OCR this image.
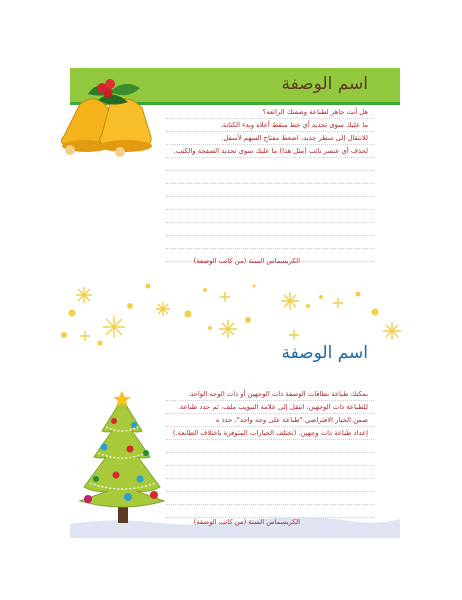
اسم الوصفة
هل أنت جاهز لطباعة وصفتك الرائعة؟
ما عليك سوى تحديد أي خط منقط أعلاه وبدء الكتابة.
للانتقال إلى سطر جديد، اضغط مفتاح السهم لأسفل.
لحذف أي عنصر نائب (مثل هذا) ما عليك سوى تحديد الصفحة والكتب.
الكريسماس السنة (من كاتب الوصفة)
اسم الوصفة
بمكنك طباعة بطاقات الوصفة ذات الوجهين أو ذات الوجه الواحد.
للطباعة ذات الوجهين، انتقل إلى علامة التبويب ملف، ثم حدد طباعة.
ضمن الخيار الافتراضي "طباعة على وجه واحد"، حدد ه
إعداد طباعة ذات وجهين. (تختلف الخيارات المتوفرة باختلاف الطابعة.)
الكريسماس السنة (من كاتب الوصفة)
